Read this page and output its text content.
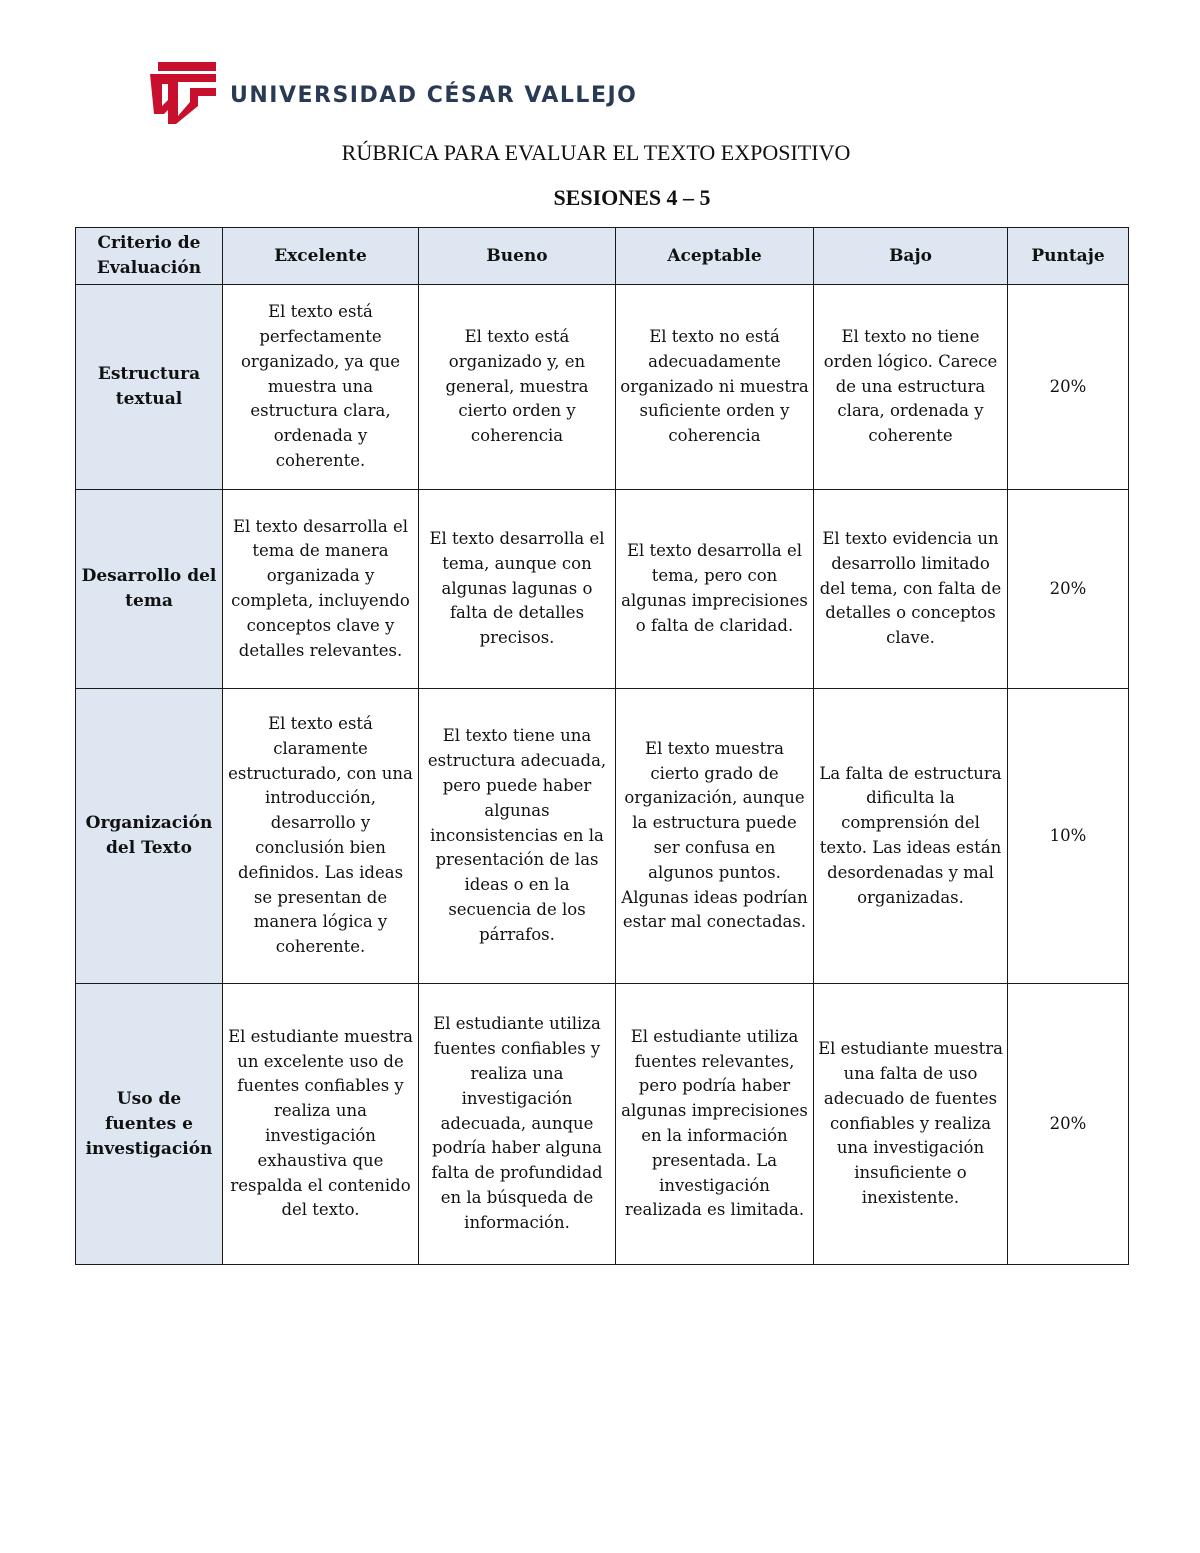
UNIVERSIDAD CÉSAR VALLEJO
RÚBRICA PARA EVALUAR EL TEXTO EXPOSITIVO
SESIONES 4 – 5
Criterio de Evaluación	Excelente	Bueno	Aceptable	Bajo	Puntaje
Estructura textual	El texto está perfectamente organizado, ya que muestra una estructura clara, ordenada y coherente.	El texto está organizado y, en general, muestra cierto orden y coherencia	El texto no está adecuadamente organizado ni muestra suficiente orden y coherencia	El texto no tiene orden lógico. Carece de una estructura clara, ordenada y coherente	20%
Desarrollo del tema	El texto desarrolla el tema de manera organizada y completa, incluyendo conceptos clave y detalles relevantes.	El texto desarrolla el tema, aunque con algunas lagunas o falta de detalles precisos.	El texto desarrolla el tema, pero con algunas imprecisiones o falta de claridad.	El texto evidencia un desarrollo limitado del tema, con falta de detalles o conceptos clave.	20%
Organización del Texto	El texto está claramente estructurado, con una introducción, desarrollo y conclusión bien definidos. Las ideas se presentan de manera lógica y coherente.	El texto tiene una estructura adecuada, pero puede haber algunas inconsistencias en la presentación de las ideas o en la secuencia de los párrafos.	El texto muestra cierto grado de organización, aunque la estructura puede ser confusa en algunos puntos. Algunas ideas podrían estar mal conectadas.	La falta de estructura dificulta la comprensión del texto. Las ideas están desordenadas y mal organizadas.	10%
Uso de fuentes e investigación	El estudiante muestra un excelente uso de fuentes confiables y realiza una investigación exhaustiva que respalda el contenido del texto.	El estudiante utiliza fuentes confiables y realiza una investigación adecuada, aunque podría haber alguna falta de profundidad en la búsqueda de información.	El estudiante utiliza fuentes relevantes, pero podría haber algunas imprecisiones en la información presentada. La investigación realizada es limitada.	El estudiante muestra una falta de uso adecuado de fuentes confiables y realiza una investigación insuficiente o inexistente.	20%
